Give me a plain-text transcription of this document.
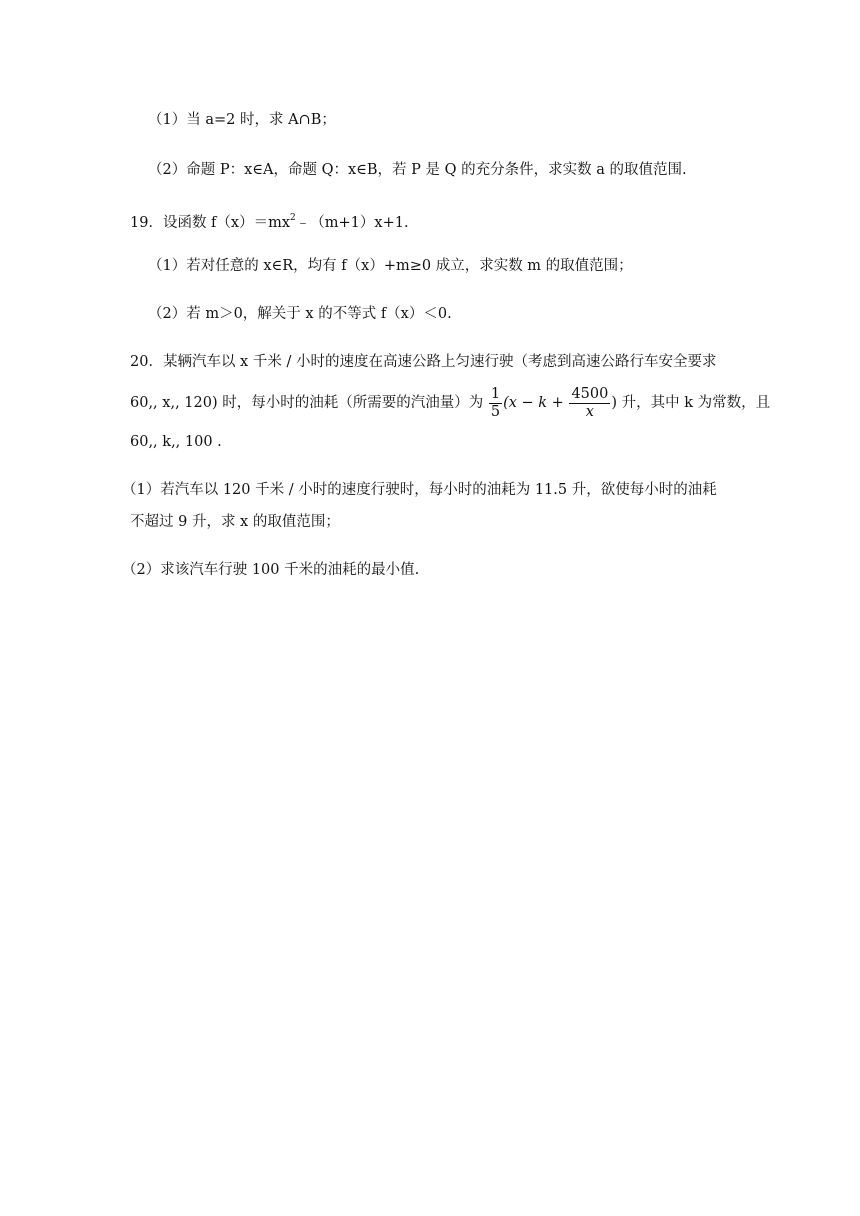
（1）当 a=2 时，求 A∩B；
（2）命题 P：x∈A，命题 Q：x∈B，若 P 是 Q 的充分条件，求实数 a 的取值范围.
19．设函数 $f(x)=mx^2﹣(m+1)x+1$.
（1）若对任意的 x∈R，均有 f（x）+m≥0 成立，求实数 m 的取值范围；
（2）若 m＞0，解关于 x 的不等式 f（x）＜0.
20．某辆汽车以 x 千米 / 小时的速度在高速公路上匀速行驶（考虑到高速公路行车安全要求
60,, x,, 120) 时，每小时的油耗（所需要的汽油量）为 $\frac{1}{5} (x - k + \frac{4500}{x}$ ) 升，其中 k 为常数，且
60,, k,, 100 .
（1）若汽车以 120 千米 / 小时的速度行驶时，每小时的油耗为 11.5 升，欲使每小时的油耗
不超过 9 升，求 x 的取值范围；
（2）求该汽车行驶 100 千米的油耗的最小值.
